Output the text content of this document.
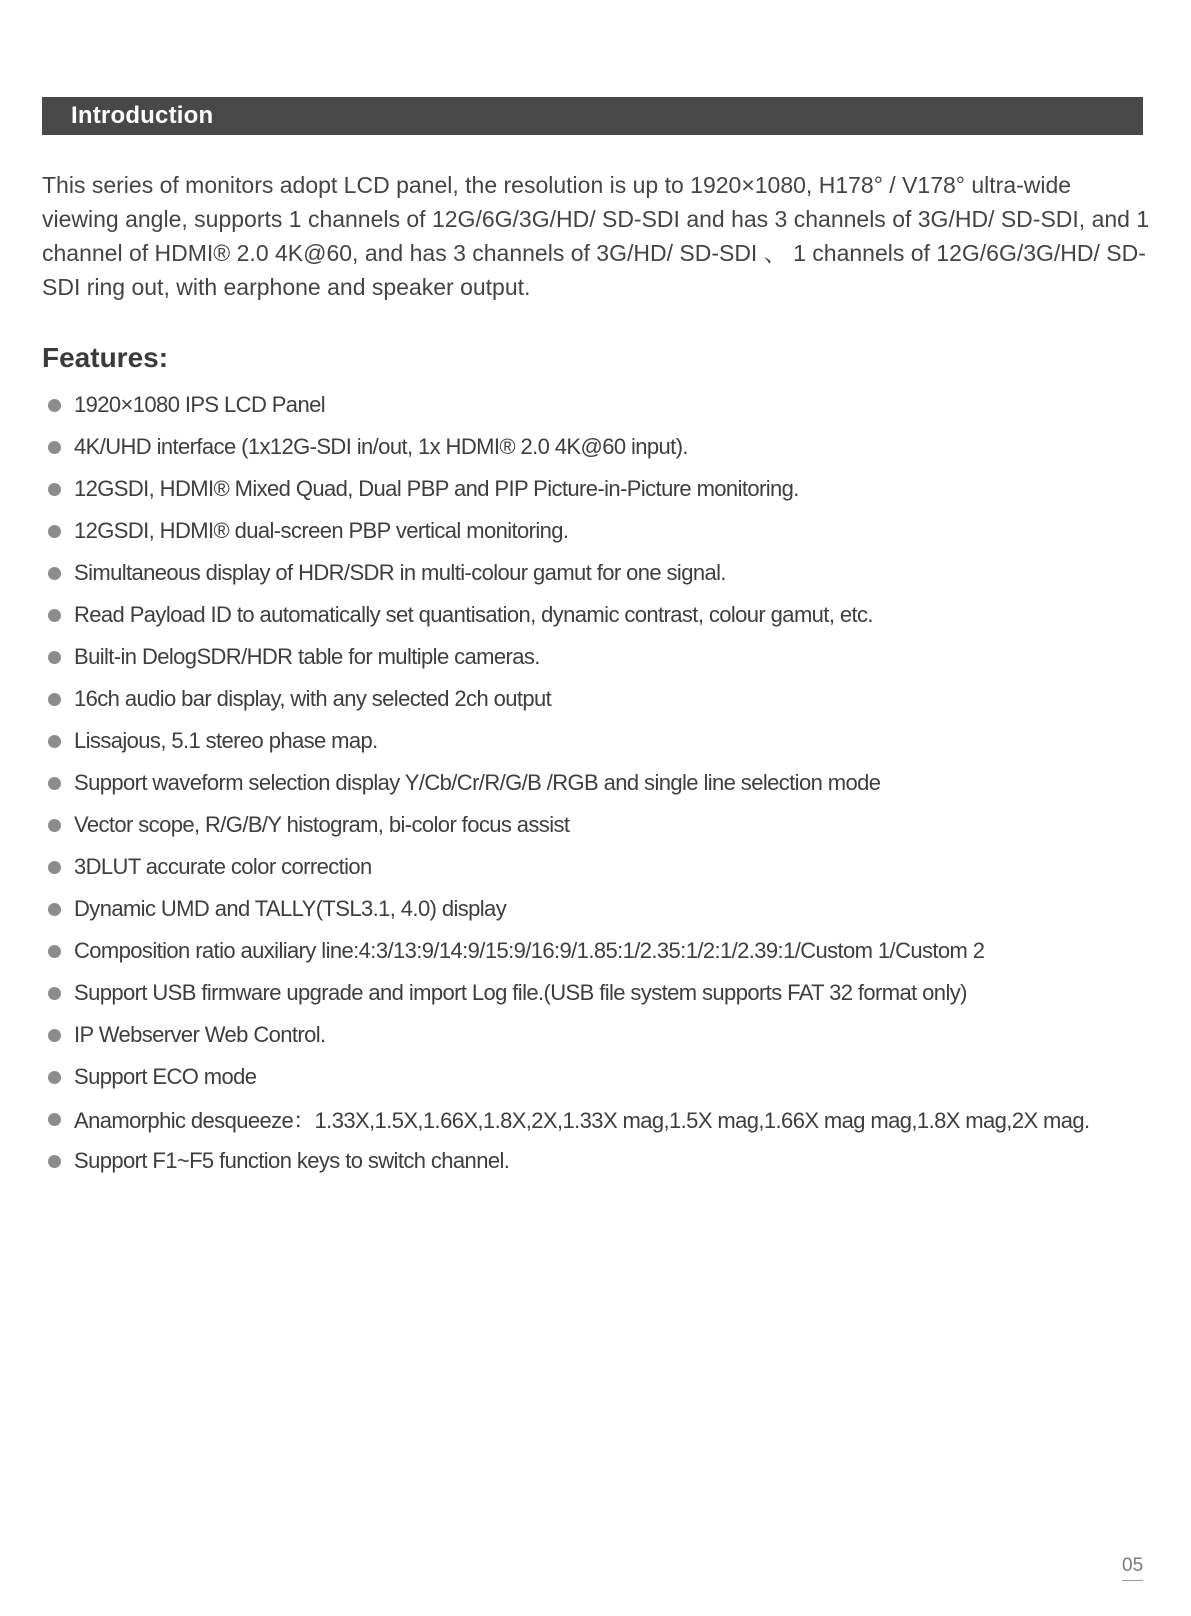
Introduction

This series of monitors adopt LCD panel, the resolution is up to 1920×1080, H178° / V178° ultra-wide viewing angle, supports 1 channels of 12G/6G/3G/HD/ SD-SDI and has 3 channels of 3G/HD/ SD-SDI, and 1 channel of HDMI® 2.0 4K@60, and has 3 channels of 3G/HD/ SD-SDI 、 1 channels of 12G/6G/3G/HD/ SD-SDI ring out, with earphone and speaker output.

Features:
1920×1080 IPS LCD Panel
4K/UHD interface (1x12G-SDI in/out, 1x HDMI® 2.0 4K@60 input).
12GSDI, HDMI® Mixed Quad, Dual PBP and PIP Picture-in-Picture monitoring.
12GSDI, HDMI® dual-screen PBP vertical monitoring.
Simultaneous display of HDR/SDR in multi-colour gamut for one signal.
Read Payload ID to automatically set quantisation, dynamic contrast, colour gamut, etc.
Built-in DelogSDR/HDR table for multiple cameras.
16ch audio bar display, with any selected 2ch output
Lissajous, 5.1 stereo phase map.
Support waveform selection display Y/Cb/Cr/R/G/B /RGB and single line selection mode
Vector scope, R/G/B/Y histogram, bi-color focus assist
3DLUT accurate color correction
Dynamic UMD and TALLY(TSL3.1, 4.0) display
Composition ratio auxiliary line:4:3/13:9/14:9/15:9/16:9/1.85:1/2.35:1/2:1/2.39:1/Custom 1/Custom 2
Support USB firmware upgrade and import Log file.(USB file system supports FAT 32 format only)
IP Webserver Web Control.
Support ECO mode
Anamorphic desqueeze：1.33X,1.5X,1.66X,1.8X,2X,1.33X mag,1.5X mag,1.66X mag mag,1.8X mag,2X mag.
Support F1~F5 function keys to switch channel.
05
